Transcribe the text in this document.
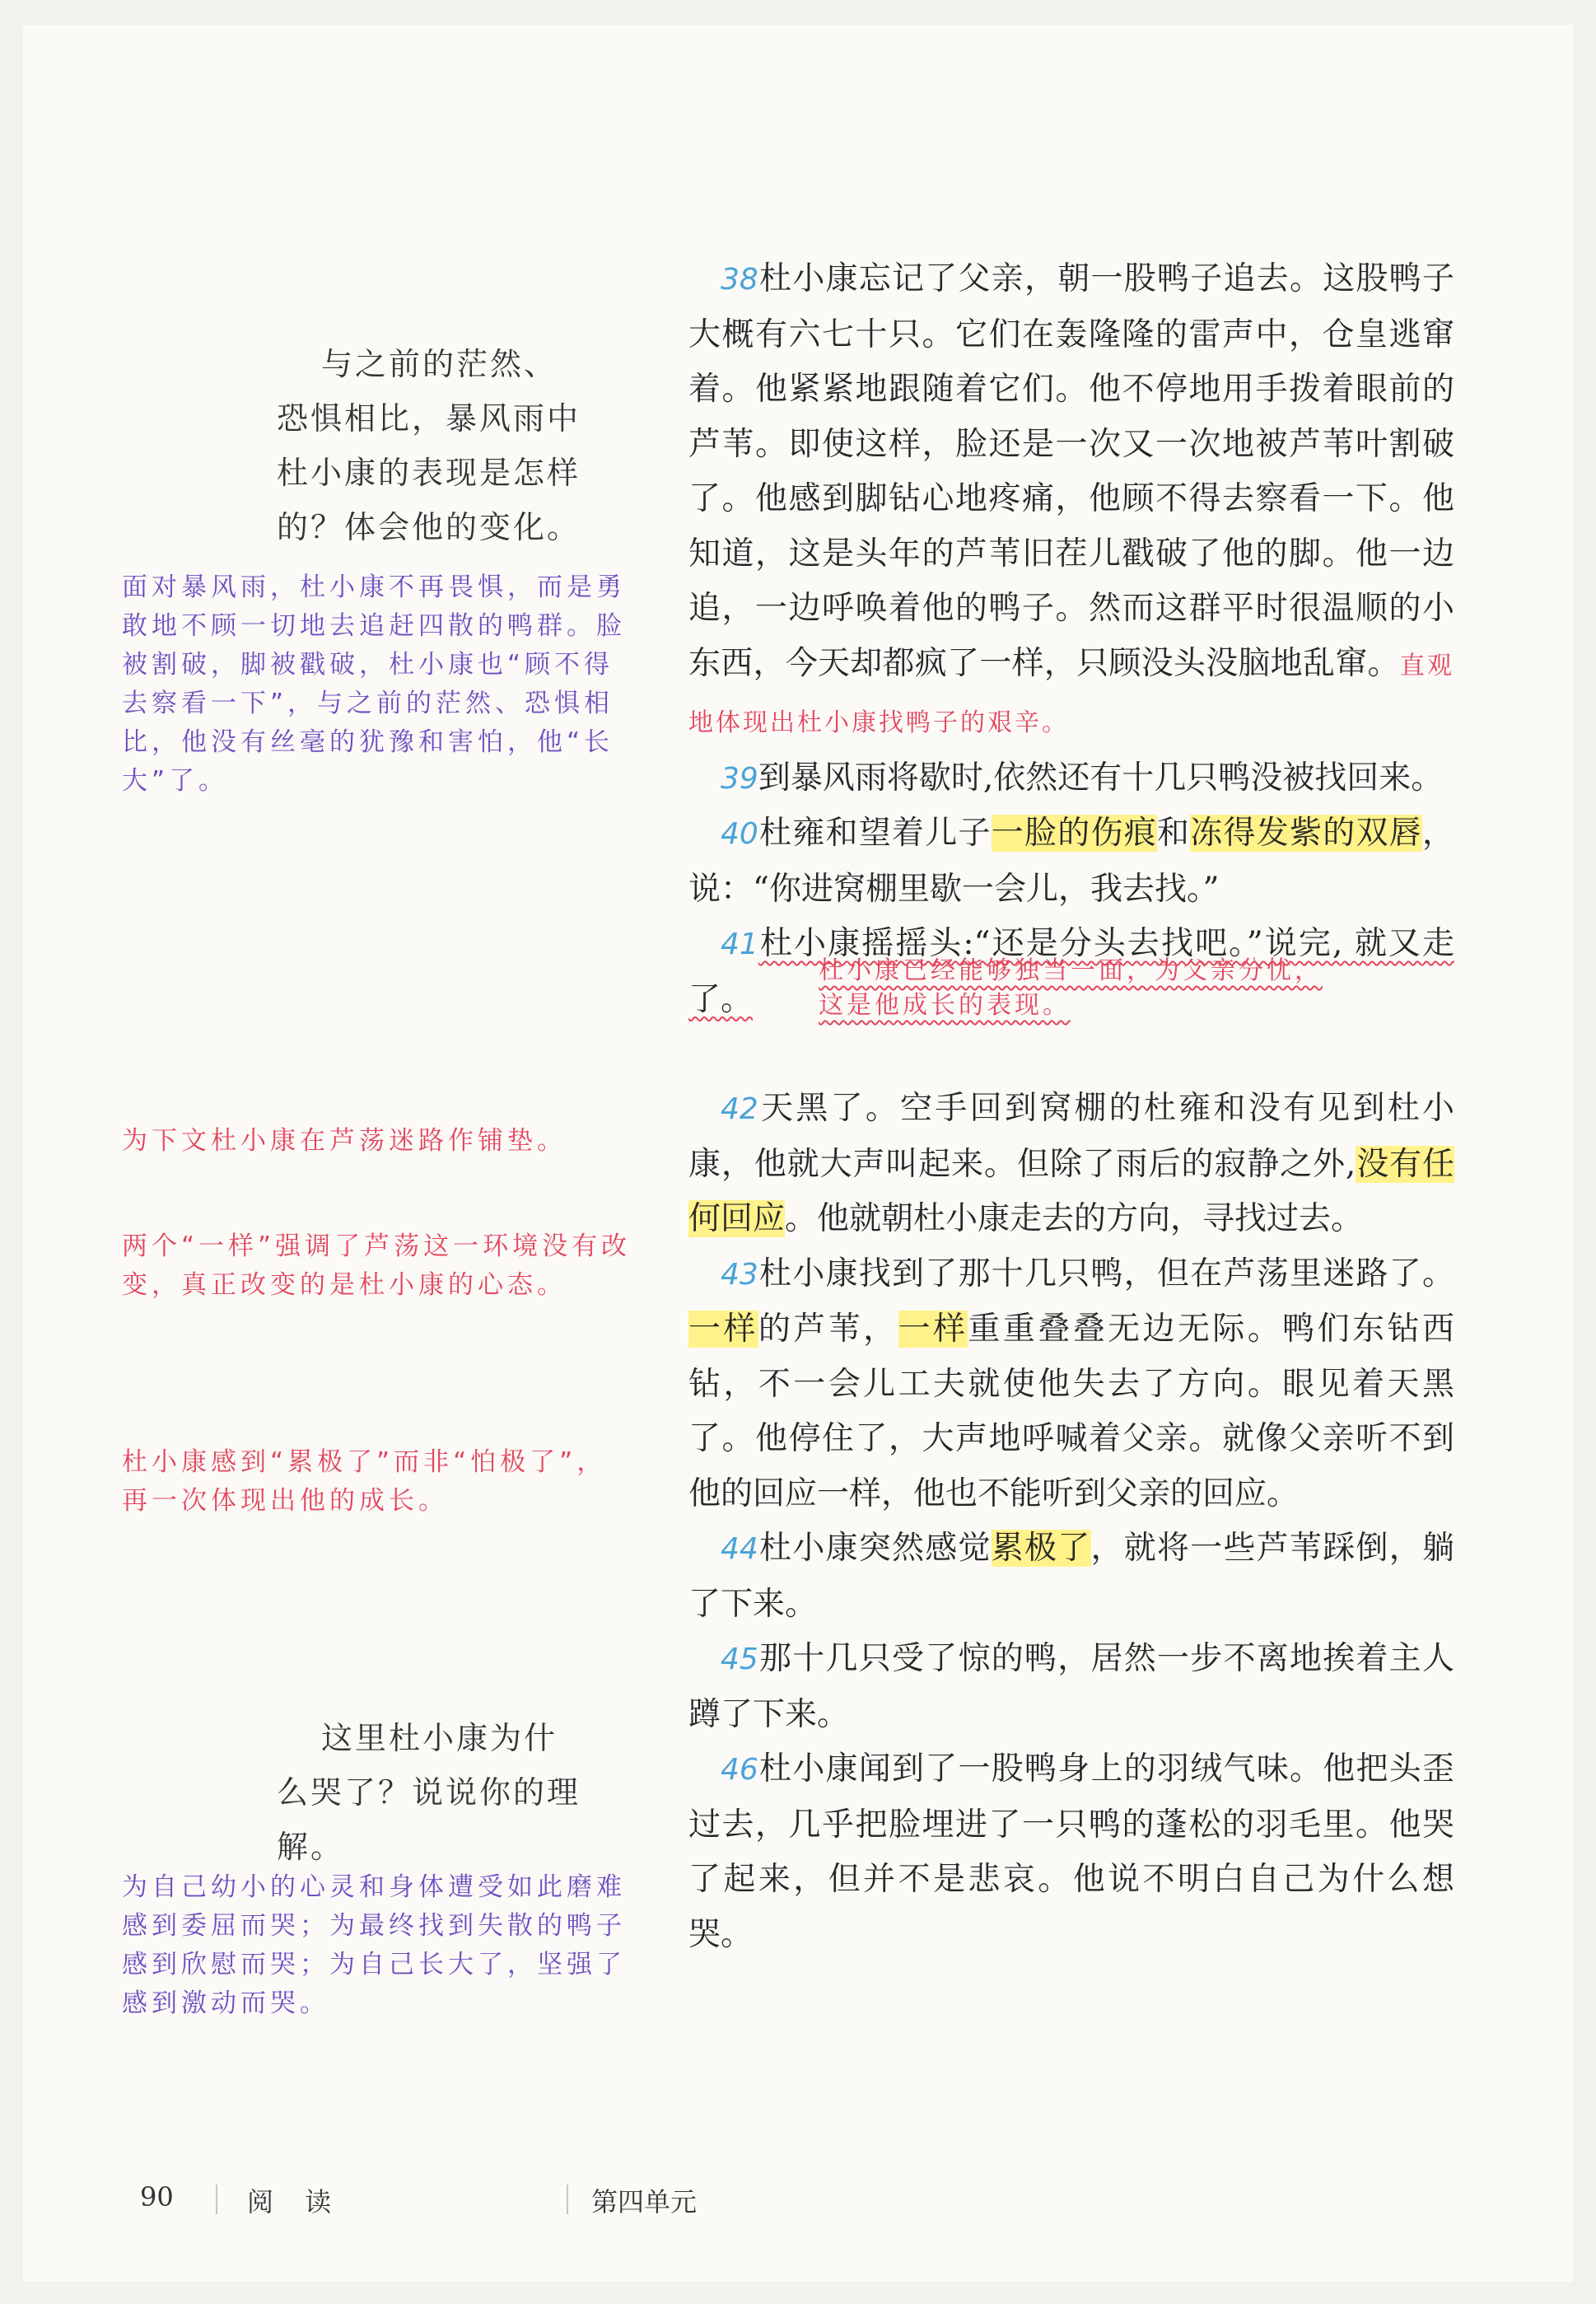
与之前的茫然、
恐惧相比，暴风雨中
杜小康的表现是怎样
的？体会他的变化。

面对暴风雨，杜小康不再畏惧，而是勇敢地不顾一切地去追赶四散的鸭群。脸被割破，脚被戳破，杜小康也“顾不得去察看一下”，与之前的茫然、恐惧相比，他没有丝毫的犹豫和害怕，他“长大”了。

为下文杜小康在芦荡迷路作铺垫。

两个“一样”强调了芦荡这一环境没有改变，真正改变的是杜小康的心态。

杜小康感到“累极了”而非“怕极了”，再一次体现出他的成长。

这里杜小康为什
么哭了？说说你的理
解。

为自己幼小的心灵和身体遭受如此磨难感到委屈而哭；为最终找到失散的鸭子感到欣慰而哭；为自己长大了，坚强了感到激动而哭。

38杜小康忘记了父亲，朝一股鸭子追去。这股鸭子大概有六七十只。它们在轰隆隆的雷声中，仓皇逃窜着。他紧紧地跟随着它们。他不停地用手拨着眼前的芦苇。即使这样，脸还是一次又一次地被芦苇叶割破了。他感到脚钻心地疼痛，他顾不得去察看一下。他知道，这是头年的芦苇旧茬儿戳破了他的脚。他一边追，一边呼唤着他的鸭子。然而这群平时很温顺的小东西，今天却都疯了一样，只顾没头没脑地乱窜。直观地体现出杜小康找鸭子的艰辛。

39到暴风雨将歇时,依然还有十几只鸭没被找回来。

40杜雍和望着儿子一脸的伤痕和冻得发紫的双唇，说：“你进窝棚里歇一会儿，我去找。”

41杜小康摇摇头:“还是分头去找吧。”说完, 就又走了。

42天黑了。空手回到窝棚的杜雍和没有见到杜小康，他就大声叫起来。但除了雨后的寂静之外,没有任何回应。他就朝杜小康走去的方向，寻找过去。

43杜小康找到了那十几只鸭，但在芦荡里迷路了。一样的芦苇，一样重重叠叠无边无际。鸭们东钻西钻，不一会儿工夫就使他失去了方向。眼见着天黑了。他停住了，大声地呼喊着父亲。就像父亲听不到他的回应一样，他也不能听到父亲的回应。

44杜小康突然感觉累极了，就将一些芦苇踩倒，躺了下来。

45那十几只受了惊的鸭，居然一步不离地挨着主人蹲了下来。

46杜小康闻到了一股鸭身上的羽绒气味。他把头歪过去，几乎把脸埋进了一只鸭的蓬松的羽毛里。他哭了起来，但并不是悲哀。他说不明白自己为什么想哭。

杜小康已经能够独当一面，为父亲分忧，
这是他成长的表现。
90	阅 读	第四单元
